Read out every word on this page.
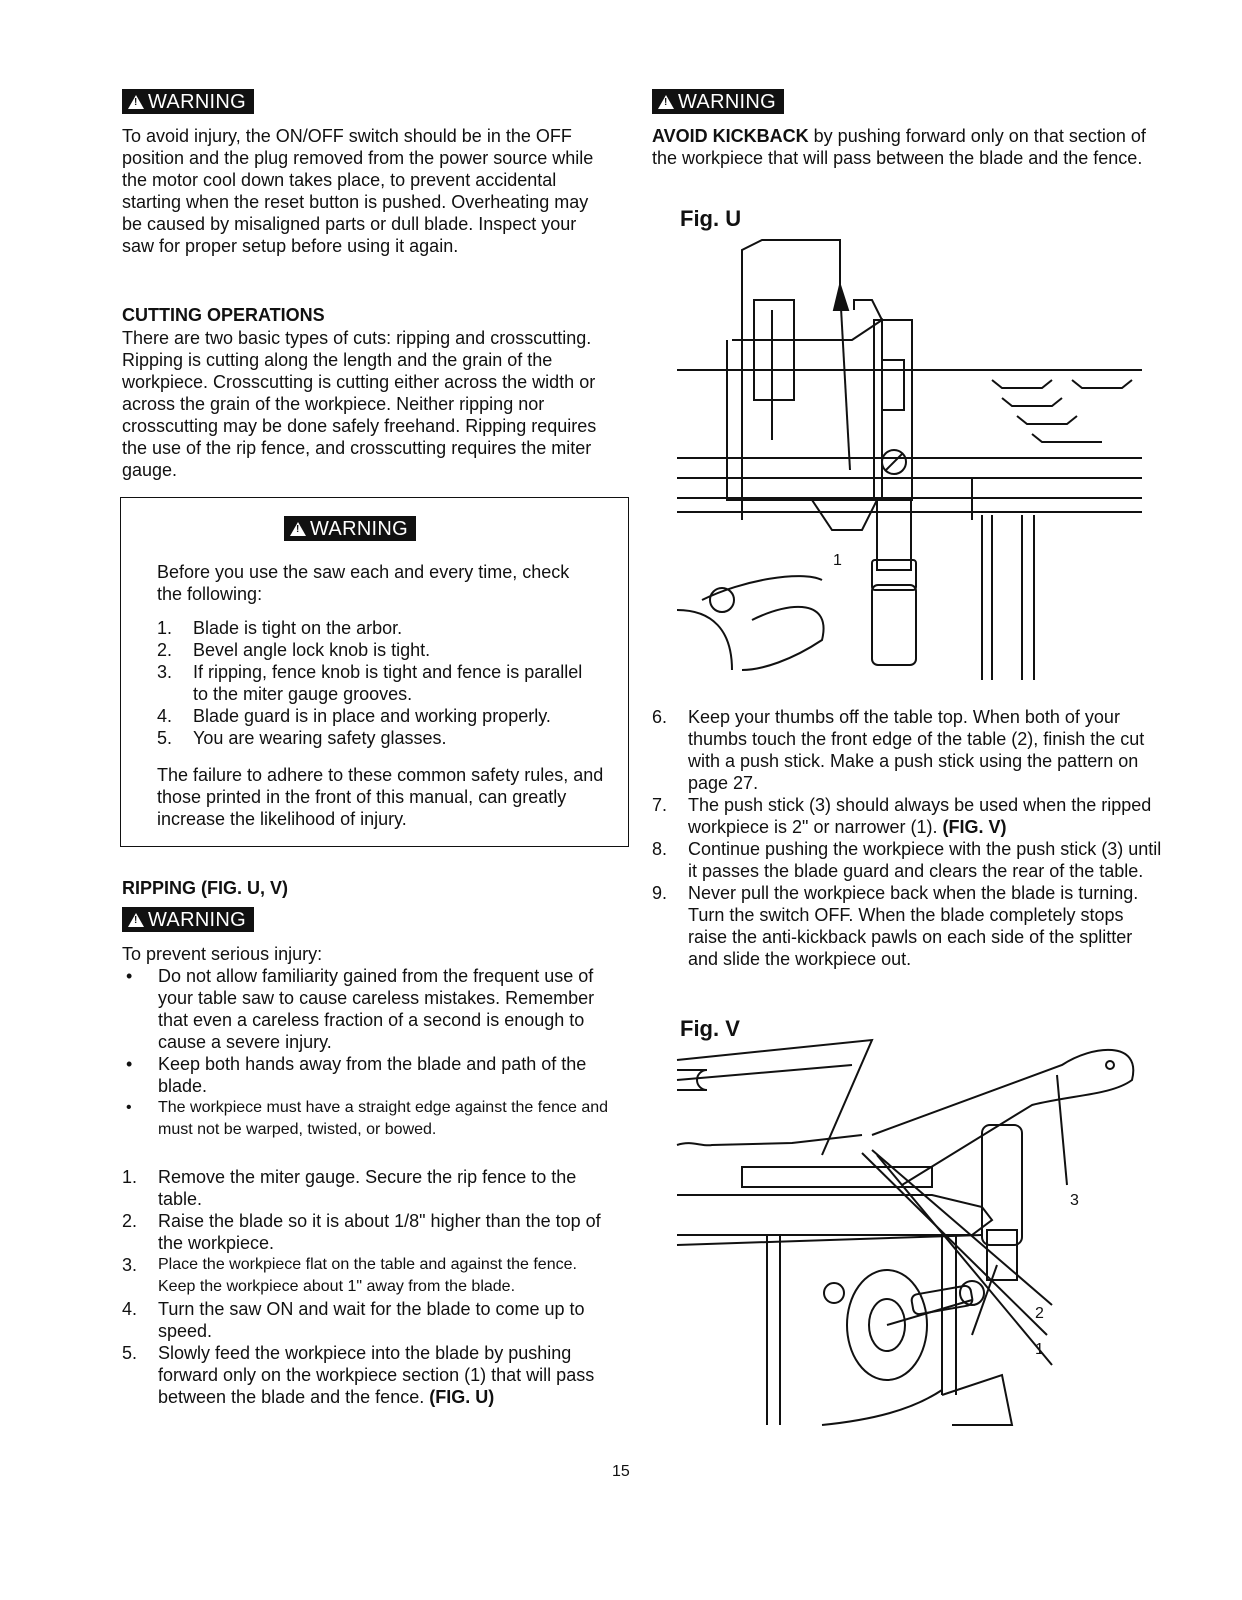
!WARNING

To avoid injury, the ON/OFF switch should be in the OFF position and the plug removed from the power source while the motor cool down takes place, to prevent accidental starting when the reset button is pushed. Overheating may be caused by misaligned parts or dull blade. Inspect your saw for proper setup before using it again.

CUTTING OPERATIONS

There are two basic types of cuts: ripping and crosscutting. Ripping is cutting along the length and the grain of the workpiece. Crosscutting is cutting either across the width or across the grain of the workpiece. Neither ripping nor crosscutting may be done safely freehand. Ripping requires the use of the rip fence, and crosscutting requires the miter gauge.

!WARNING

Before you use the saw each and every time, check the following:

1. Blade is tight on the arbor.
2. Bevel angle lock knob is tight.
3. If ripping, fence knob is tight and fence is parallel to the miter gauge grooves.
4. Blade guard is in place and working properly.
5. You are wearing safety glasses.

The failure to adhere to these common safety rules, and those printed in the front of this manual, can greatly increase the likelihood of injury.

RIPPING (FIG. U, V)

!WARNING

To prevent serious injury:

• Do not allow familiarity gained from the frequent use of your table saw to cause careless mistakes. Remember that even a careless fraction of a second is enough to cause a severe injury.
• Keep both hands away from the blade and path of the blade.
• The workpiece must have a straight edge against the fence and must not be warped, twisted, or bowed.
1. Remove the miter gauge. Secure the rip fence to the table.
2. Raise the blade so it is about 1/8" higher than the top of the workpiece.
3. Place the workpiece flat on the table and against the fence. Keep the workpiece about 1" away from the blade.
4. Turn the saw ON and wait for the blade to come up to speed.
5. Slowly feed the workpiece into the blade by pushing forward only on the workpiece section (1) that will pass between the blade and the fence. (FIG. U)
!WARNING

AVOID KICKBACK by pushing forward only on that section of the workpiece that will pass between the blade and the fence.

Fig. U

1
6. Keep your thumbs off the table top. When both of your thumbs touch the front edge of the table (2), finish the cut with a push stick. Make a push stick using the pattern on page 27.
7. The push stick (3) should always be used when the ripped workpiece is 2" or narrower (1). (FIG. V)
8. Continue pushing the workpiece with the push stick (3) until it passes the blade guard and clears the rear of the table.
9. Never pull the workpiece back when the blade is turning. Turn the switch OFF. When the blade completely stops raise the anti-kickback pawls on each side of the splitter and slide the workpiece out.

Fig. V

3
2
1

15
